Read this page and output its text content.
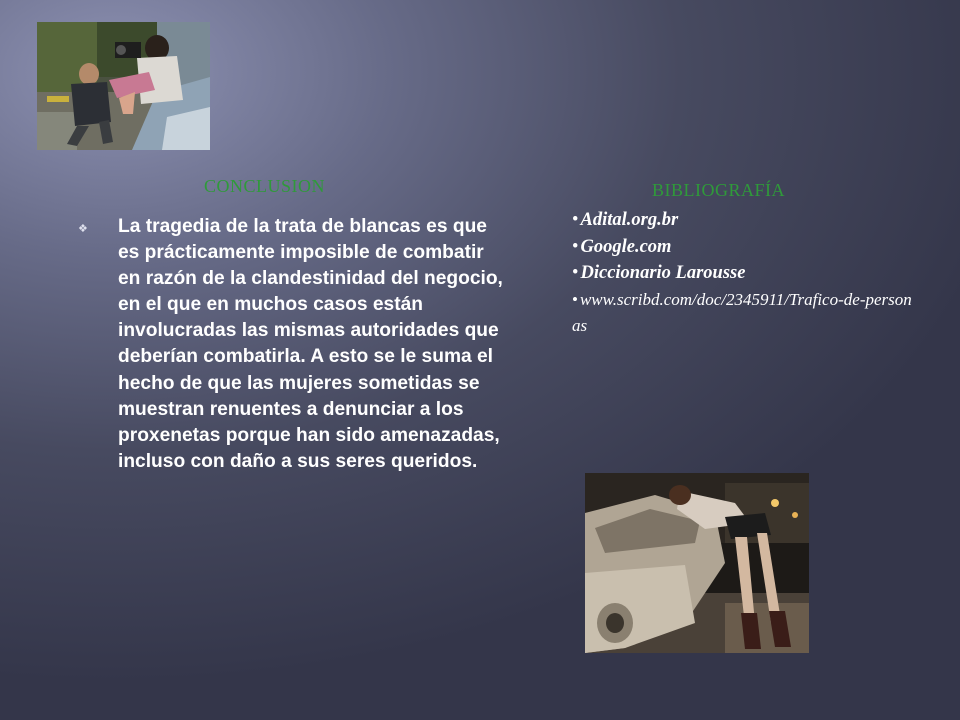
CONCLUSION
❖ La tragedia de la trata de blancas es que es prácticamente imposible de combatir en razón de la clandestinidad del negocio, en el que en muchos casos están involucradas las mismas autoridades que deberían combatirla. A esto se le suma el hecho de que las mujeres sometidas se muestran renuentes a denunciar a los proxenetas porque han sido amenazadas, incluso con daño a sus seres queridos.

BIBLIOGRAFÍA
• Adital.org.br
• Google.com
• Diccionario Larousse
• www.scribd.com/doc/2345911/Trafico-de-personas
